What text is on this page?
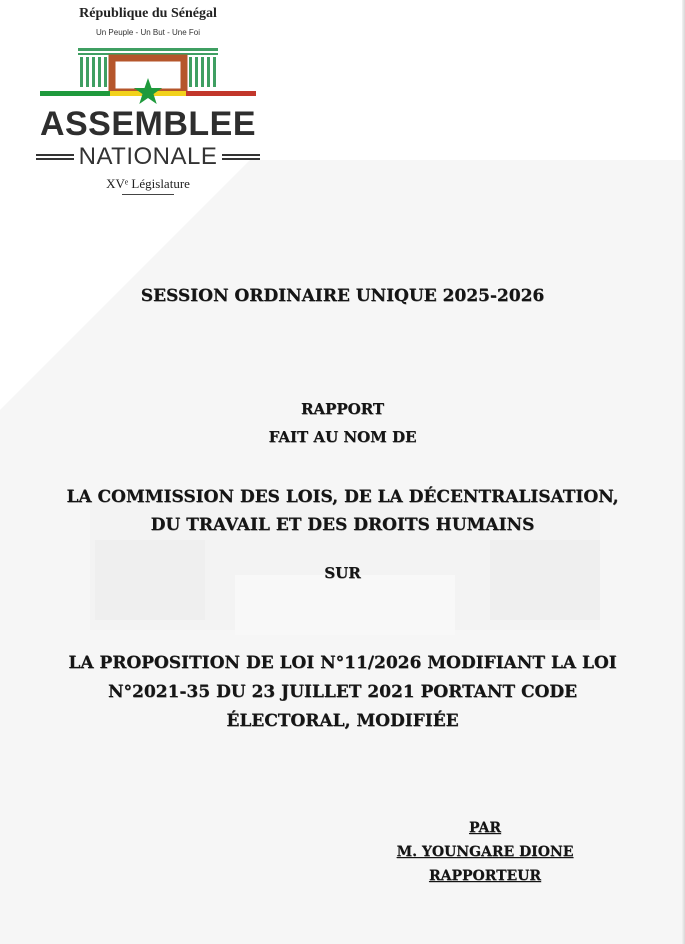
République du Sénégal
Un Peuple - Un But - Une Foi
ASSEMBLEE
NATIONALE
XVᵉ Législature
SESSION ORDINAIRE UNIQUE 2025-2026
RAPPORT
FAIT AU NOM DE
LA COMMISSION DES LOIS, DE LA DÉCENTRALISATION,
DU TRAVAIL ET DES DROITS HUMAINS
SUR
LA PROPOSITION DE LOI N°11/2026 MODIFIANT LA LOI
N°2021-35 DU 23 JUILLET 2021 PORTANT CODE
ÉLECTORAL, MODIFIÉE
PAR
M. YOUNGARE DIONE
RAPPORTEUR
